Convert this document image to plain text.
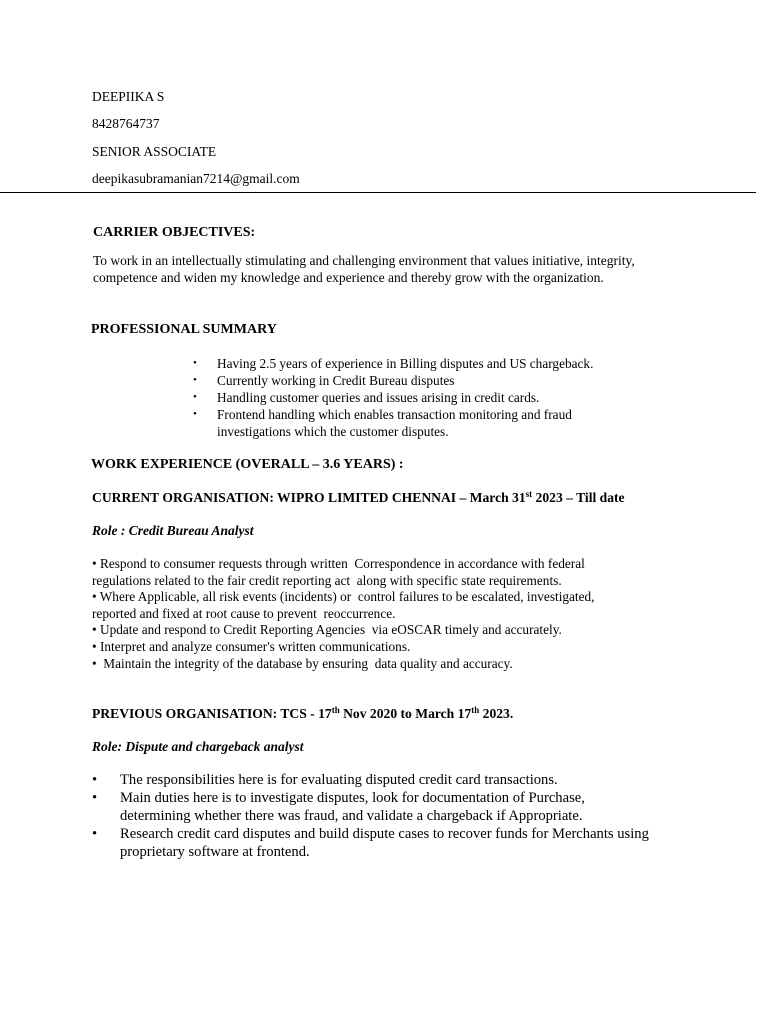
DEEPIIKA S
8428764737
SENIOR ASSOCIATE
deepikasubramanian7214@gmail.com
CARRIER OBJECTIVES:
To work in an intellectually stimulating and challenging environment that values initiative, integrity,
competence and widen my knowledge and experience and thereby grow with the organization.
PROFESSIONAL SUMMARY
• Having 2.5 years of experience in Billing disputes and US chargeback.
• Currently working in Credit Bureau disputes
• Handling customer queries and issues arising in credit cards.
• Frontend handling which enables transaction monitoring and fraud investigations which the customer disputes.
WORK EXPERIENCE (OVERALL – 3.6 YEARS) :
CURRENT ORGANISATION: WIPRO LIMITED CHENNAI – March 31st 2023 – Till date
Role : Credit Bureau Analyst
• Respond to consumer requests through written  Correspondence in accordance with federal
regulations related to the fair credit reporting act  along with specific state requirements.
• Where Applicable, all risk events (incidents) or  control failures to be escalated, investigated,
reported and fixed at root cause to prevent  reoccurrence.
• Update and respond to Credit Reporting Agencies  via eOSCAR timely and accurately.
• Interpret and analyze consumer's written communications.
•  Maintain the integrity of the database by ensuring  data quality and accuracy.
PREVIOUS ORGANISATION: TCS - 17th Nov 2020 to March 17th 2023.
Role: Dispute and chargeback analyst
• The responsibilities here is for evaluating disputed credit card transactions.
• Main duties here is to investigate disputes, look for documentation of Purchase, determining whether there was fraud, and validate a chargeback if Appropriate.
• Research credit card disputes and build dispute cases to recover funds for Merchants using proprietary software at frontend.
